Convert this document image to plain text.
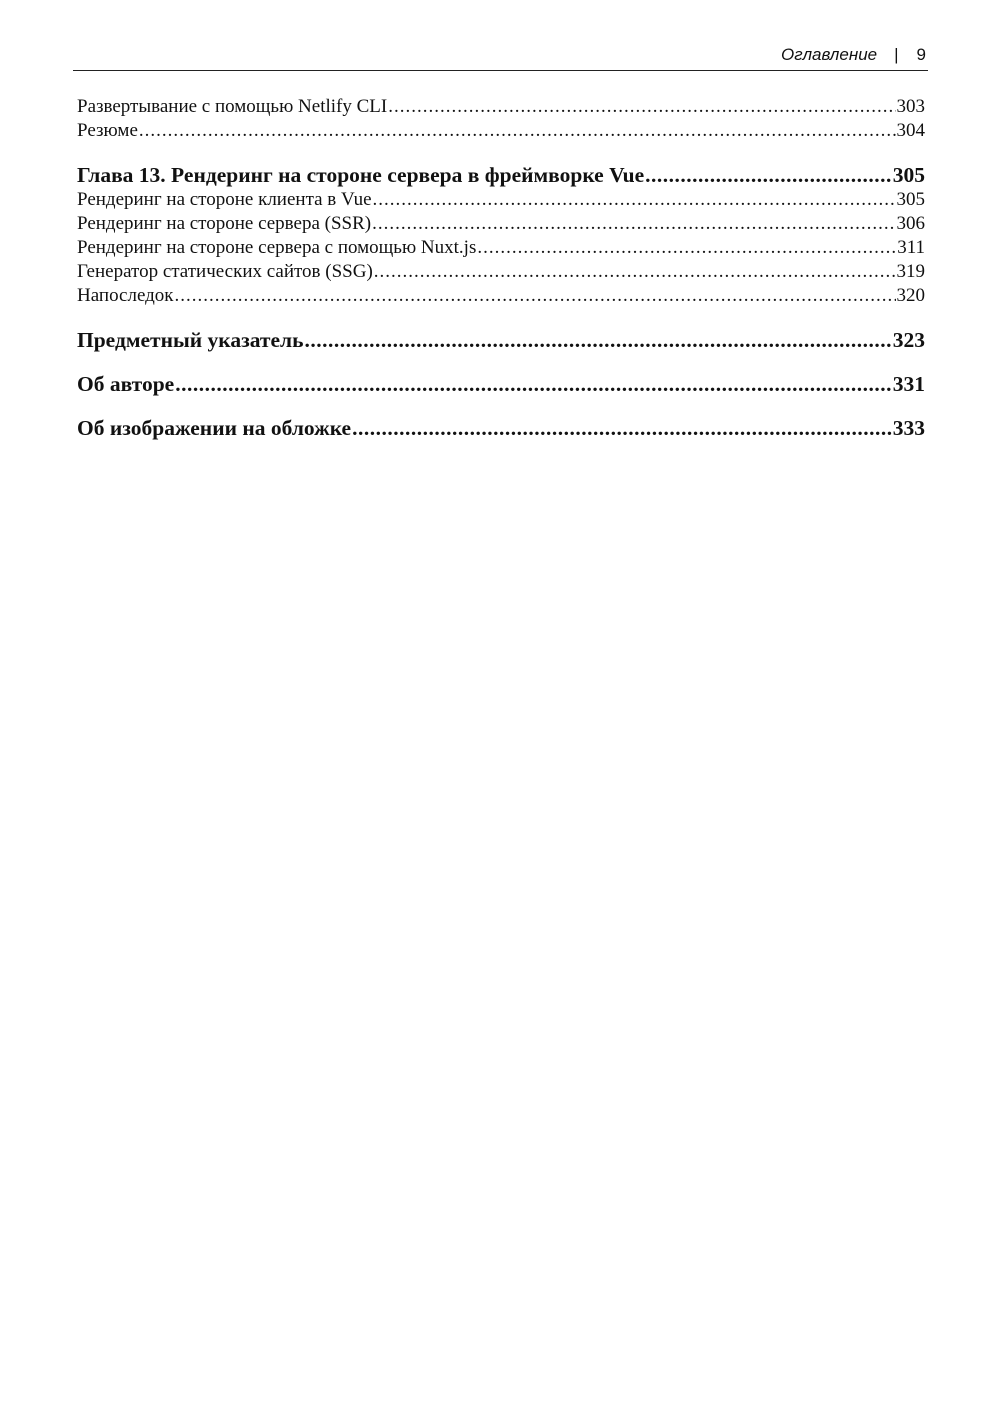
Оглавление | 9
Развертывание с помощью Netlify CLI .....	303
Резюме .....	304
Глава 13. Рендеринг на стороне сервера в фреймворке Vue .....	305
Рендеринг на стороне клиента в Vue .....	305
Рендеринг на стороне сервера (SSR) .....	306
Рендеринг на стороне сервера с помощью Nuxt.js .....	311
Генератор статических сайтов (SSG) .....	319
Напоследок .....	320
Предметный указатель .....	323
Об авторе .....	331
Об изображении на обложке .....	333
